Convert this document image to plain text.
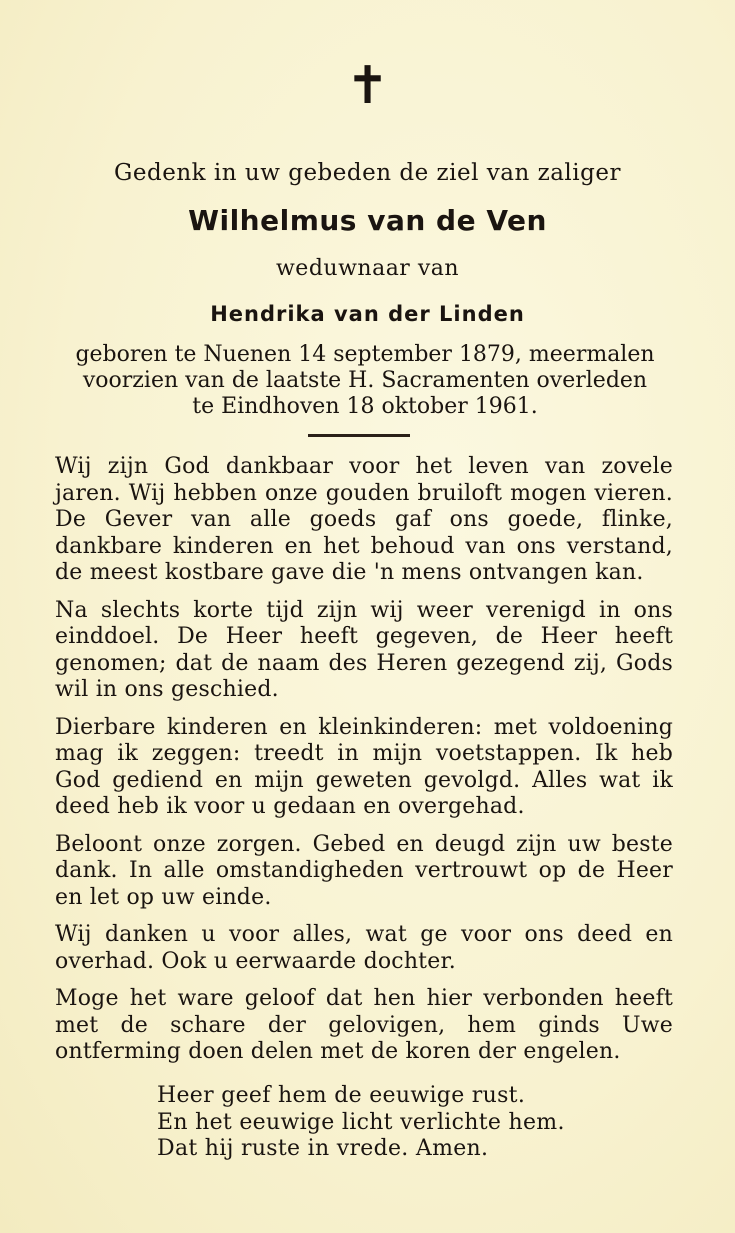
✝
Gedenk in uw gebeden de ziel van zaliger
Wilhelmus van de Ven
weduwnaar van
Hendrika van der Linden
geboren te Nuenen 14 september 1879, meermalen
voorzien van de laatste H. Sacramenten overleden
te Eindhoven 18 oktober 1961.

Wij zijn God dankbaar voor het leven van zovele jaren. Wij hebben onze gouden bruiloft mogen vieren. De Gever van alle goeds gaf ons goede, flinke, dankbare kinderen en het behoud van ons verstand, de meest kostbare gave die 'n mens ontvangen kan.

Na slechts korte tijd zijn wij weer verenigd in ons einddoel. De Heer heeft gegeven, de Heer heeft genomen; dat de naam des Heren gezegend zij, Gods wil in ons geschied.

Dierbare kinderen en kleinkinderen: met voldoening mag ik zeggen: treedt in mijn voetstappen. Ik heb God gediend en mijn geweten gevolgd. Alles wat ik deed heb ik voor u gedaan en overgehad.

Beloont onze zorgen. Gebed en deugd zijn uw beste dank. In alle omstandigheden vertrouwt op de Heer en let op uw einde.

Wij danken u voor alles, wat ge voor ons deed en overhad. Ook u eerwaarde dochter.

Moge het ware geloof dat hen hier verbonden heeft met de schare der gelovigen, hem ginds Uwe ontferming doen delen met de koren der engelen.

Heer geef hem de eeuwige rust.
En het eeuwige licht verlichte hem.
Dat hij ruste in vrede. Amen.
